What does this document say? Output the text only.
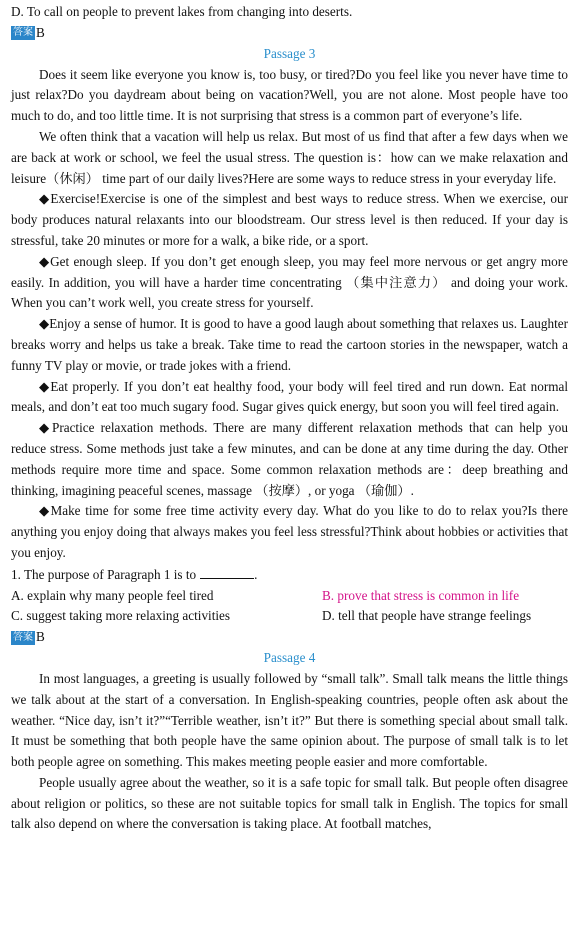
D. To call on people to prevent lakes from changing into deserts.

答案 B

Passage 3

Does it seem like everyone you know is, too busy, or tired?Do you feel like you never have time to just relax?Do you daydream about being on vacation?Well, you are not alone. Most people have too much to do, and too little time. It is not surprising that stress is a common part of everyone’s life.

We often think that a vacation will help us relax. But most of us find that after a few days when we are back at work or school, we feel the usual stress. The question is：how can we make relaxation and leisure（休闲） time part of our daily lives?Here are some ways to reduce stress in your everyday life.

◆Exercise!Exercise is one of the simplest and best ways to reduce stress. When we exercise, our body produces natural relaxants into our bloodstream. Our stress level is then reduced. If your day is stressful, take 20 minutes or more for a walk, a bike ride, or a sport.

◆Get enough sleep. If you don’t get enough sleep, you may feel more nervous or get angry more easily. In addition, you will have a harder time concentrating （集中注意力） and doing your work. When you can’t work well, you create stress for yourself.

◆Enjoy a sense of humor. It is good to have a good laugh about something that relaxes us. Laughter breaks worry and helps us take a break. Take time to read the cartoon stories in the newspaper, watch a funny TV play or movie, or trade jokes with a friend.

◆Eat properly. If you don’t eat healthy food, your body will feel tired and run down. Eat normal meals, and don’t eat too much sugary food. Sugar gives quick energy, but soon you will feel tired again.

◆Practice relaxation methods. There are many different relaxation methods that can help you reduce stress. Some methods just take a few minutes, and can be done at any time during the day. Other methods require more time and space. Some common relaxation methods are：deep breathing and thinking, imagining peaceful scenes, massage （按摩）, or yoga （瑜伽）.

◆Make time for some free time activity every day. What do you like to do to relax you?Is there anything you enjoy doing that always makes you feel less stressful?Think about hobbies or activities that you enjoy.

1. The purpose of Paragraph 1 is to	.

A. explain why many people feel tired	B. prove that stress is common in life
C. suggest taking more relaxing activities	D. tell that people have strange feelings
答案 B

Passage 4

In most languages, a greeting is usually followed by “small talk”. Small talk means the little things we talk about at the start of a conversation. In English-speaking countries, people often ask about the weather. “Nice day, isn’t it?”“Terrible weather, isn’t it?” But there is something special about small talk. It must be something that both people have the same opinion about. The purpose of small talk is to let both people agree on something. This makes meeting people easier and more comfortable.

People usually agree about the weather, so it is a safe topic for small talk. But people often disagree about religion or politics, so these are not suitable topics for small talk in English. The topics for small talk also depend on where the conversation is taking place. At football matches,
